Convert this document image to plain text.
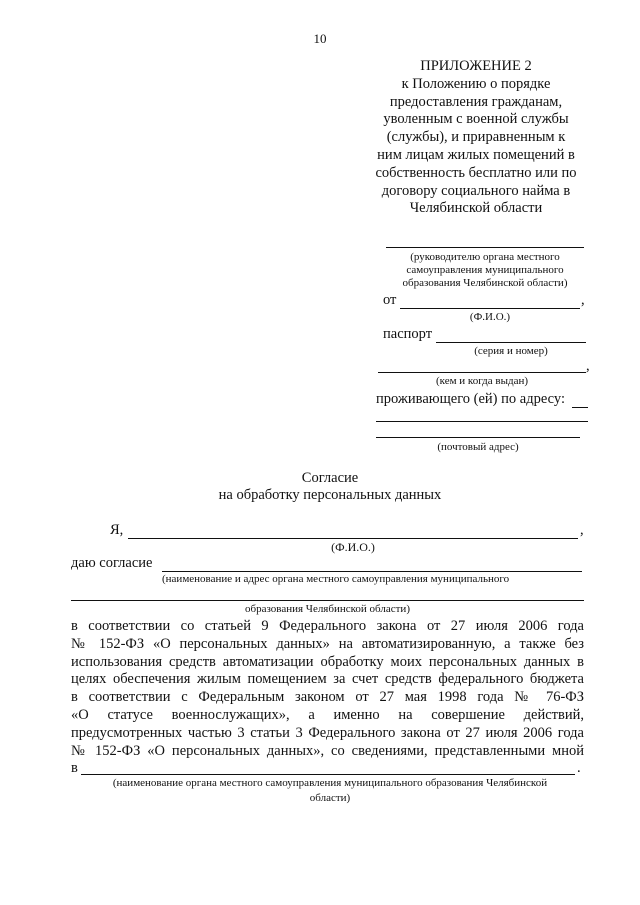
10
ПРИЛОЖЕНИЕ 2
к Положению о порядке
предоставления гражданам,
уволенным с военной службы
(службы), и приравненным к
ним лицам жилых помещений в
собственность бесплатно или по
договору социального найма в
Челябинской области
(руководителю органа местного
самоуправления муниципального
образования Челябинской области)
от	,
(Ф.И.О.)
паспорт
(серия и номер)
,
(кем и когда выдан)
проживающего (ей) по адресу:
(почтовый адрес)
Согласие
на обработку персональных данных
Я,	,
(Ф.И.О.)
даю согласие
(наименование и адрес органа местного самоуправления муниципального
образования Челябинской области)
в соответствии со статьей 9 Федерального закона от 27 июля 2006 года
№ 152-ФЗ «О персональных данных» на автоматизированную, а также без
использования средств автоматизации обработку моих персональных данных в
целях обеспечения жилым помещением за счет средств федерального бюджета
в соответствии с Федеральным законом от 27 мая 1998 года № 76-ФЗ
«О статусе военнослужащих», а именно на совершение действий,
предусмотренных частью 3 статьи 3 Федерального закона от 27 июля 2006 года
№ 152-ФЗ «О персональных данных», со сведениями, представленными мной
в	.
(наименование органа местного самоуправления муниципального образования Челябинской
области)
